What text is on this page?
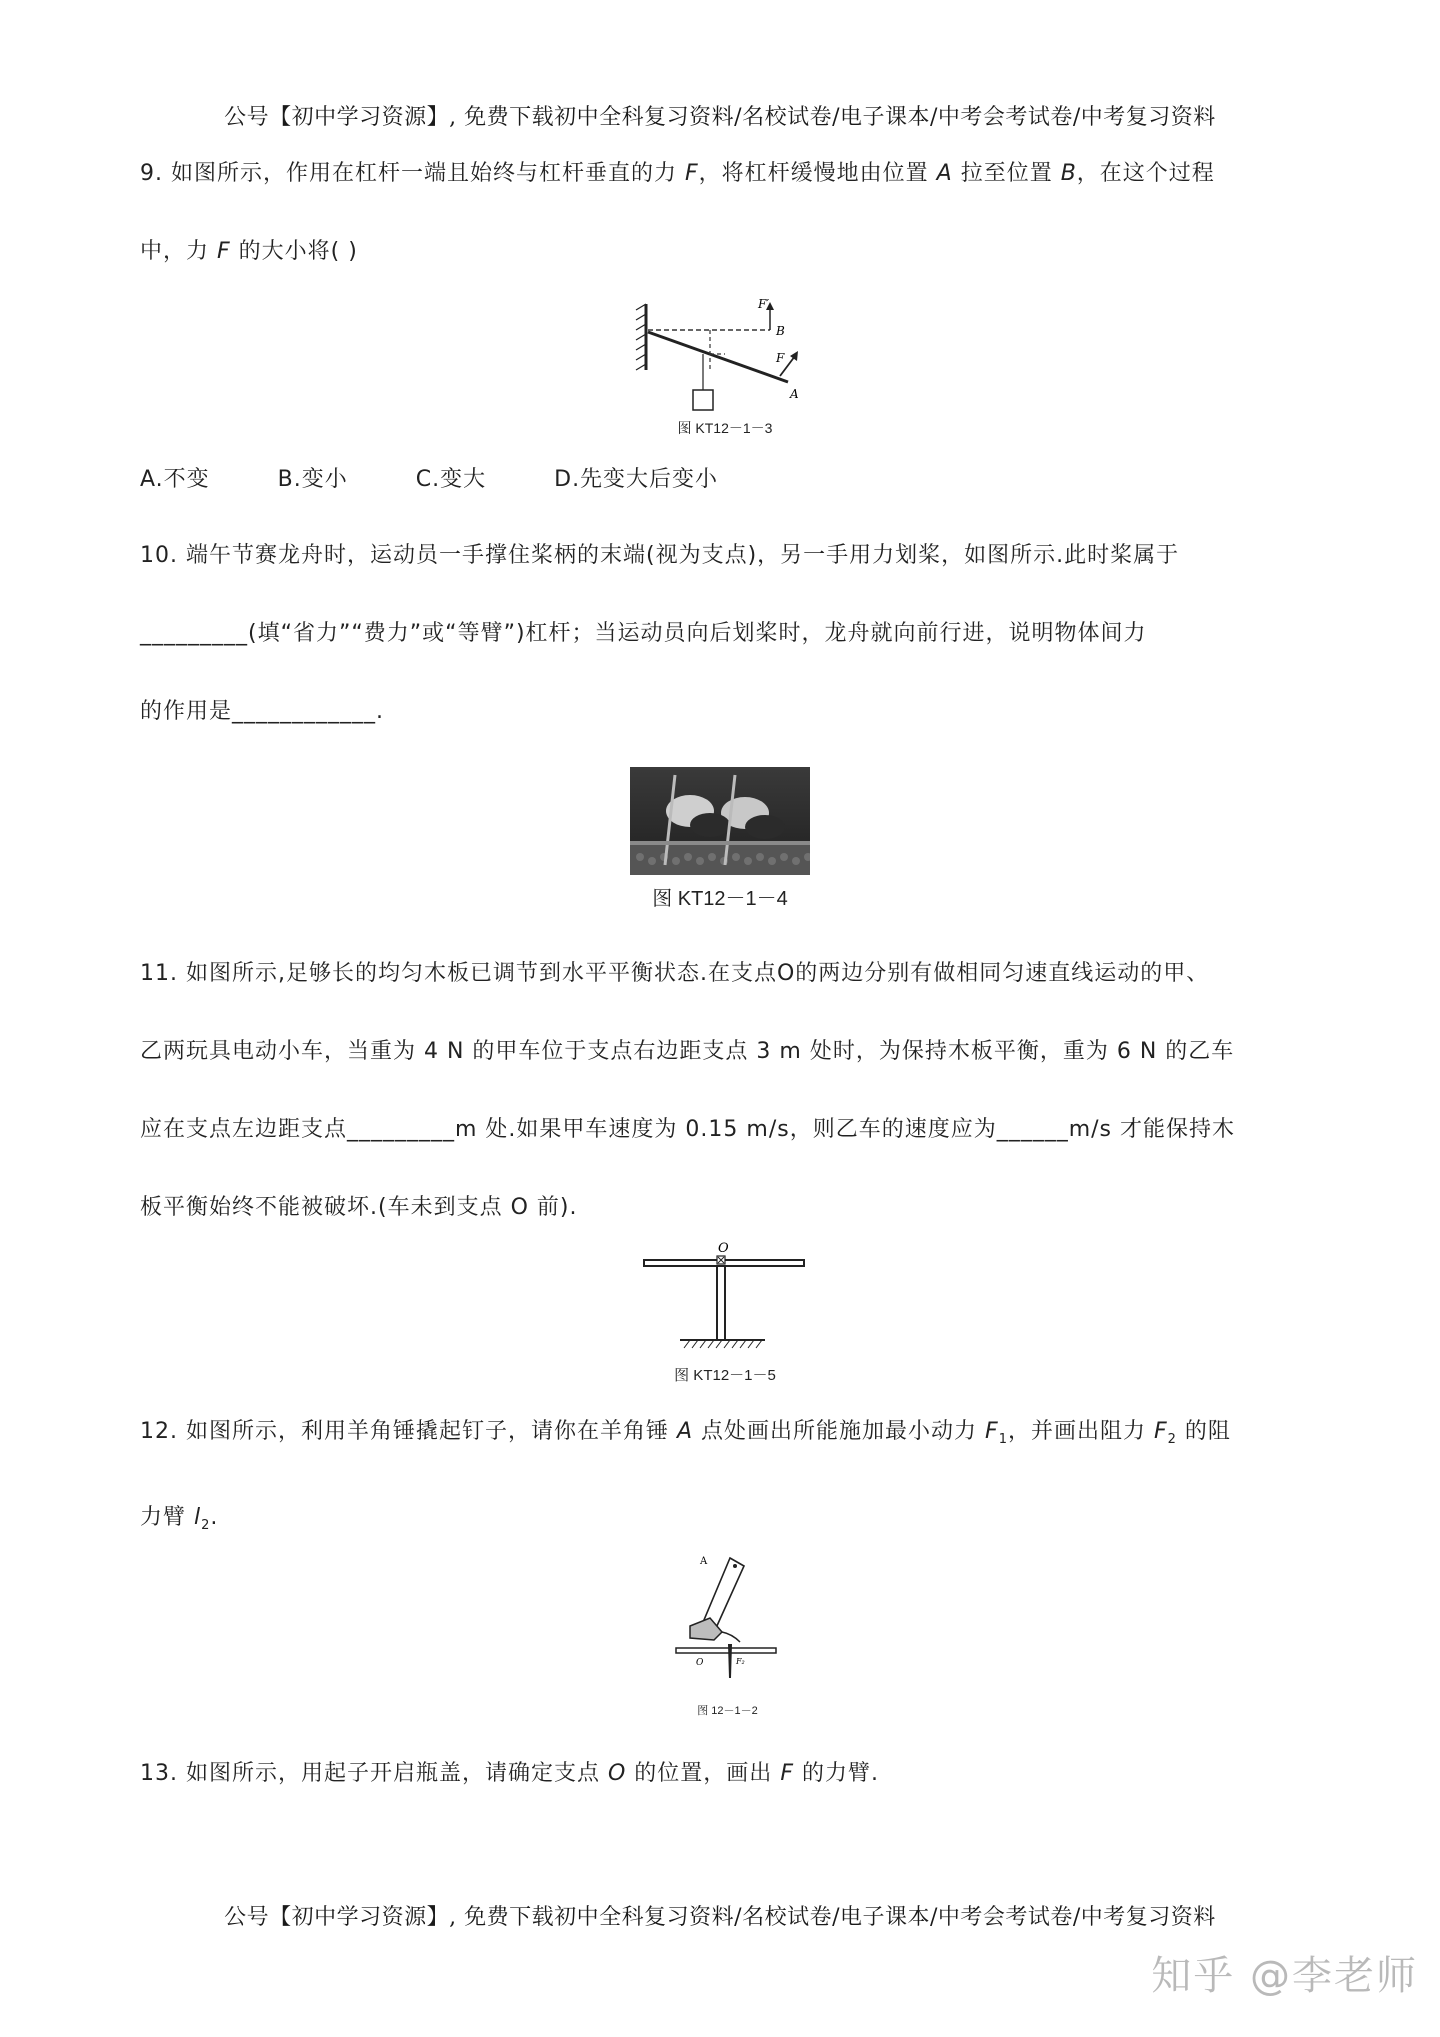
公号【初中学习资源】, 免费下载初中全科复习资料/名校试卷/电子课本/中考会考试卷/中考复习资料
9. 如图所示，作用在杠杆一端且始终与杠杆垂直的力 F，将杠杆缓慢地由位置 A 拉至位置 B，在这个过程
中，力 F 的大小将( )
F′
B
F
A
图 KT12－1－3
A.不变	B.变小	C.变大	D.先变大后变小
10. 端午节赛龙舟时，运动员一手撑住桨柄的末端(视为支点)，另一手用力划桨，如图所示.此时桨属于
_________(填“省力”“费力”或“等臂”)杠杆；当运动员向后划桨时，龙舟就向前行进，说明物体间力
的作用是____________.
图 KT12－1－4
11. 如图所示,足够长的均匀木板已调节到水平平衡状态.在支点O的两边分别有做相同匀速直线运动的甲、
乙两玩具电动小车，当重为 4 N 的甲车位于支点右边距支点 3 m 处时，为保持木板平衡，重为 6 N 的乙车
应在支点左边距支点_________m 处.如果甲车速度为 0.15 m/s，则乙车的速度应为______m/s 才能保持木
板平衡始终不能被破坏.(车未到支点 O 前).
O
图 KT12－1－5
12. 如图所示，利用羊角锤撬起钉子，请你在羊角锤 A 点处画出所能施加最小动力 $F_1$，并画出阻力 $F_2$ 的阻
力臂 $l_2$.
A
O	F₂
图 12－1－2
13. 如图所示，用起子开启瓶盖，请确定支点 O 的位置，画出 F 的力臂.
公号【初中学习资源】, 免费下载初中全科复习资料/名校试卷/电子课本/中考会考试卷/中考复习资料
知乎 @李老师
